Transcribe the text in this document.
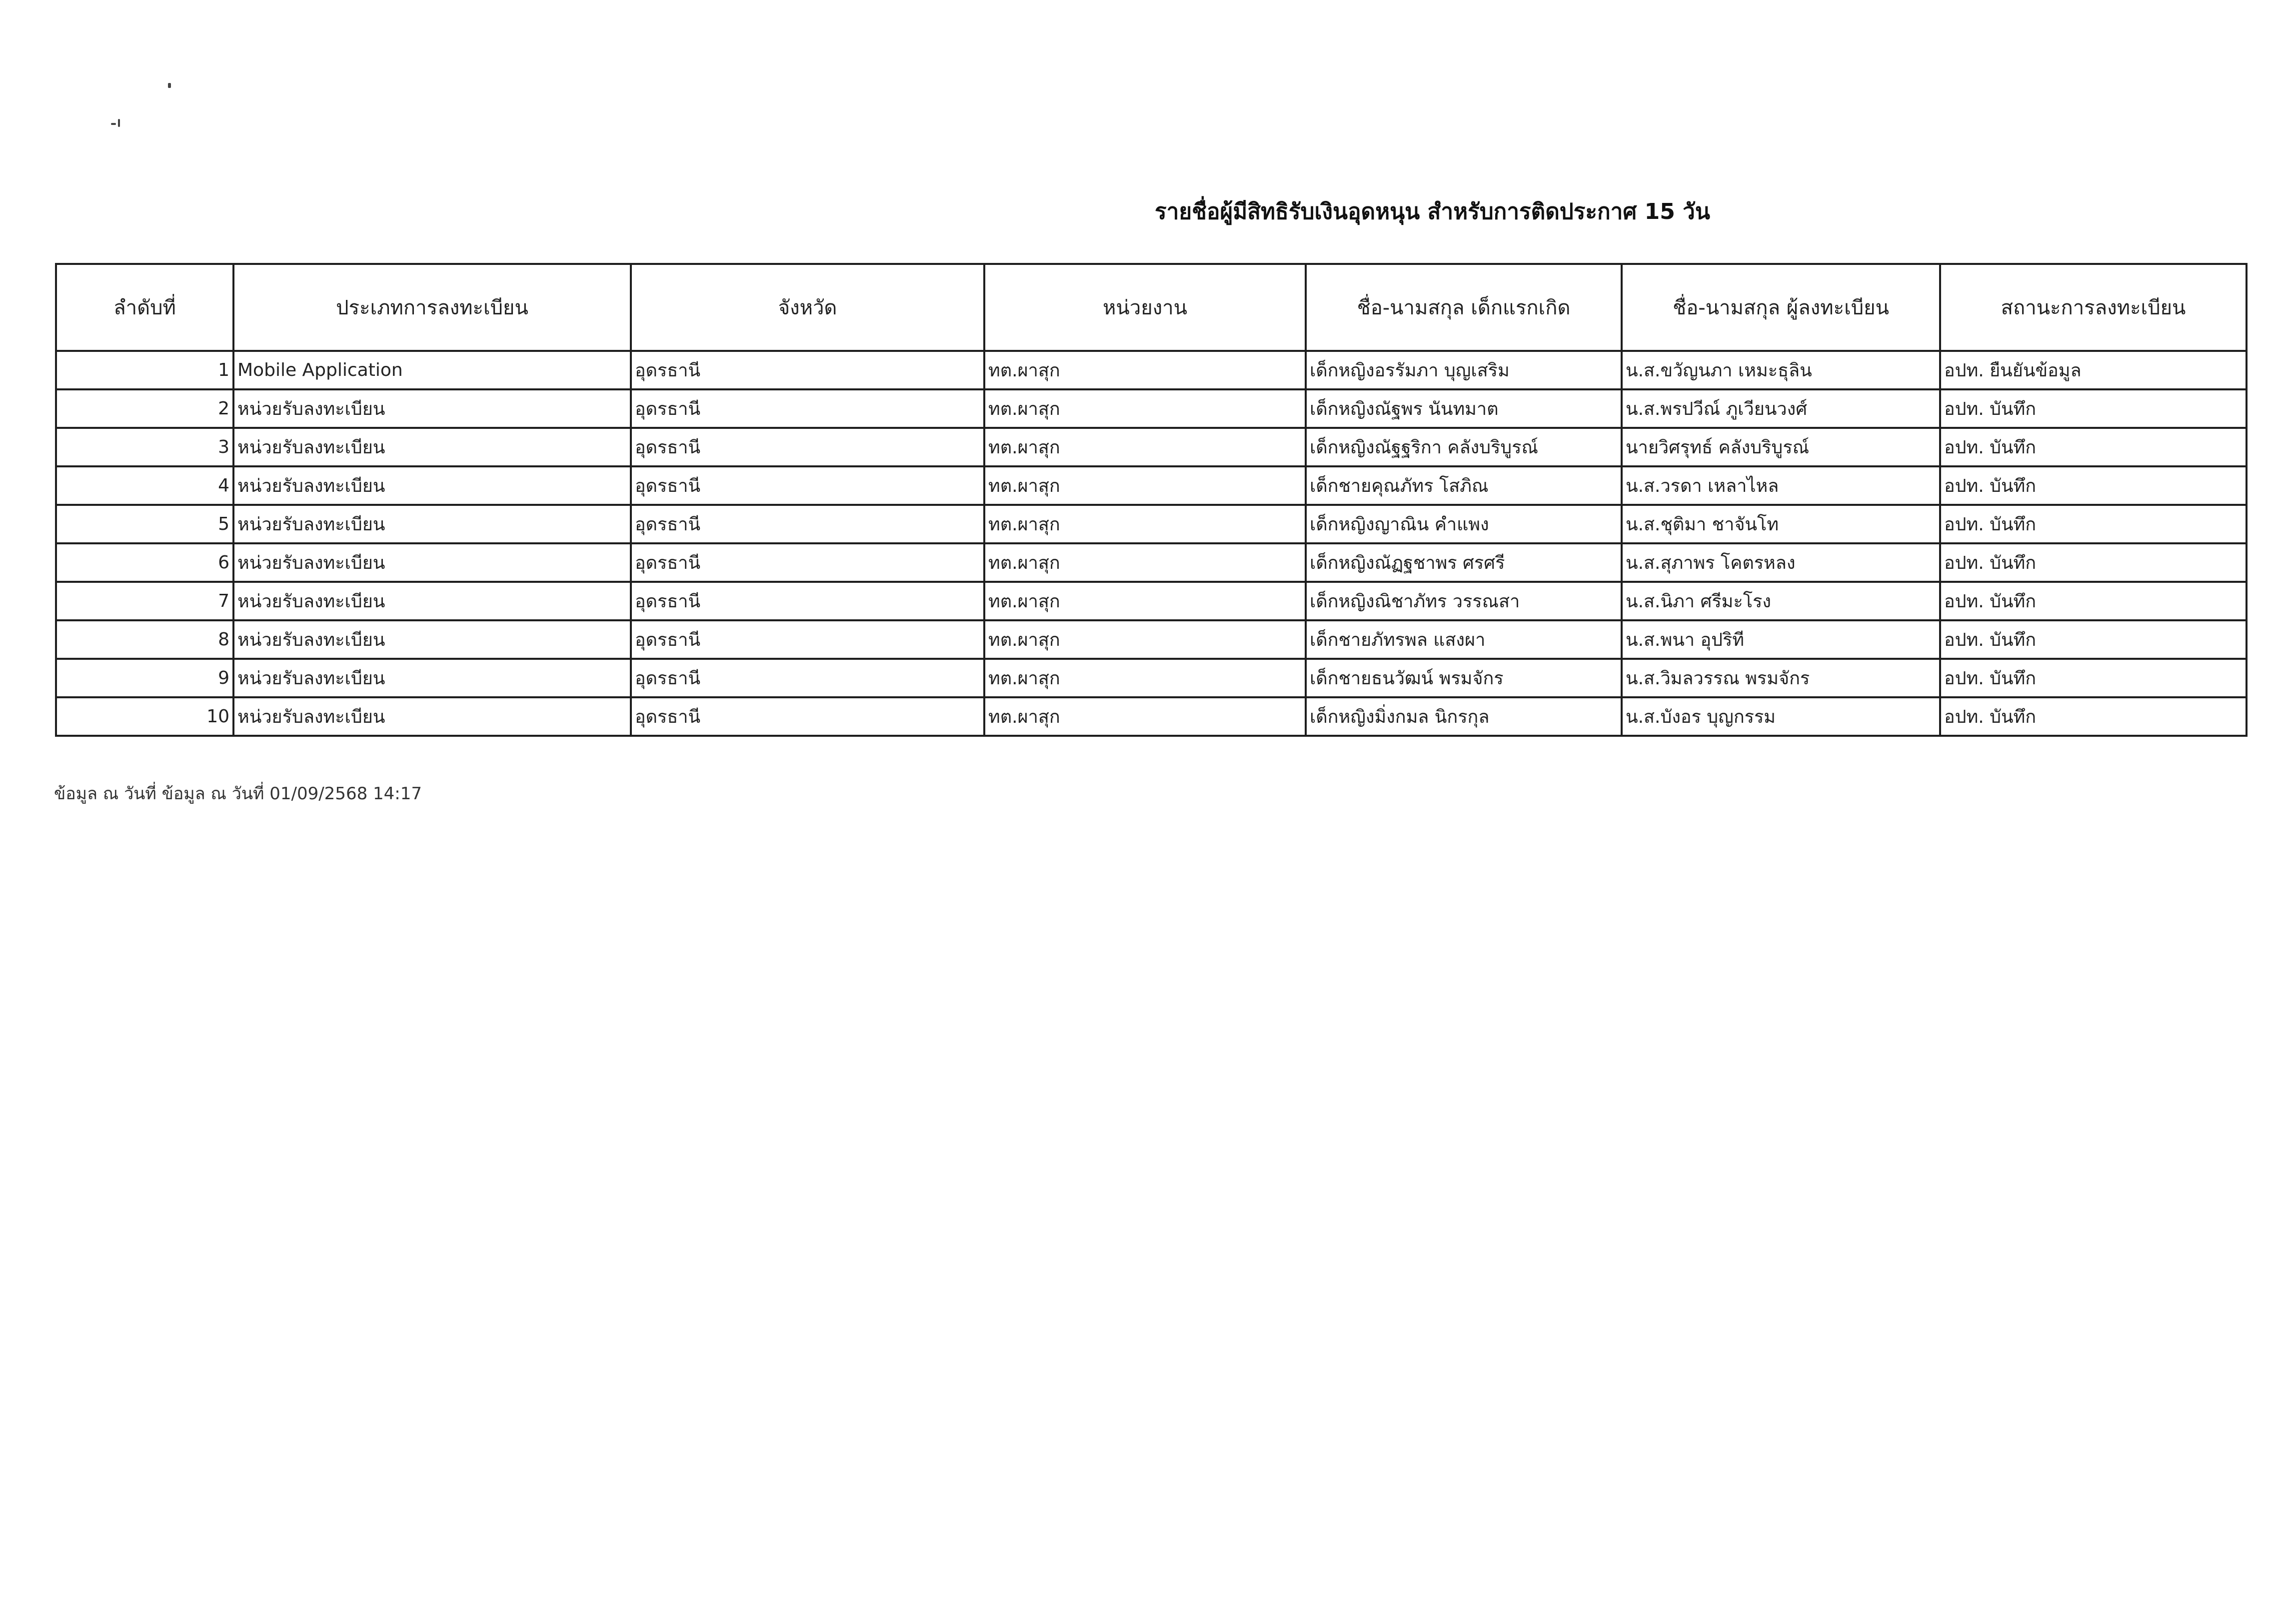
รายชื่อผู้มีสิทธิรับเงินอุดหนุน สำหรับการติดประกาศ 15 วัน
ลำดับที่	ประเภทการลงทะเบียน	จังหวัด	หน่วยงาน	ชื่อ-นามสกุล เด็กแรกเกิด	ชื่อ-นามสกุล ผู้ลงทะเบียน	สถานะการลงทะเบียน
1	Mobile Application	อุดรธานี	ทต.ผาสุก	เด็กหญิงอรรัมภา บุญเสริม	น.ส.ขวัญนภา เหมะธุลิน	อปท. ยืนยันข้อมูล
2	หน่วยรับลงทะเบียน	อุดรธานี	ทต.ผาสุก	เด็กหญิงณัฐพร นันทมาต	น.ส.พรปวีณ์ ภูเวียนวงศ์	อปท. บันทึก
3	หน่วยรับลงทะเบียน	อุดรธานี	ทต.ผาสุก	เด็กหญิงณัฐฐริกา คลังบริบูรณ์	นายวิศรุทธ์ คลังบริบูรณ์	อปท. บันทึก
4	หน่วยรับลงทะเบียน	อุดรธานี	ทต.ผาสุก	เด็กชายคุณภัทร โสภิณ	น.ส.วรดา เหลาไหล	อปท. บันทึก
5	หน่วยรับลงทะเบียน	อุดรธานี	ทต.ผาสุก	เด็กหญิงญาณิน คำแพง	น.ส.ชุติมา ชาจันโท	อปท. บันทึก
6	หน่วยรับลงทะเบียน	อุดรธานี	ทต.ผาสุก	เด็กหญิงณัฏฐชาพร ศรศรี	น.ส.สุภาพร โคตรหลง	อปท. บันทึก
7	หน่วยรับลงทะเบียน	อุดรธานี	ทต.ผาสุก	เด็กหญิงณิชาภัทร วรรณสา	น.ส.นิภา ศรีมะโรง	อปท. บันทึก
8	หน่วยรับลงทะเบียน	อุดรธานี	ทต.ผาสุก	เด็กชายภัทรพล แสงผา	น.ส.พนา อุปริที	อปท. บันทึก
9	หน่วยรับลงทะเบียน	อุดรธานี	ทต.ผาสุก	เด็กชายธนวัฒน์ พรมจักร	น.ส.วิมลวรรณ พรมจักร	อปท. บันทึก
10	หน่วยรับลงทะเบียน	อุดรธานี	ทต.ผาสุก	เด็กหญิงมิ่งกมล นิกรกุล	น.ส.บังอร บุญกรรม	อปท. บันทึก
ข้อมูล ณ วันที่ ข้อมูล ณ วันที่ 01/09/2568 14:17
